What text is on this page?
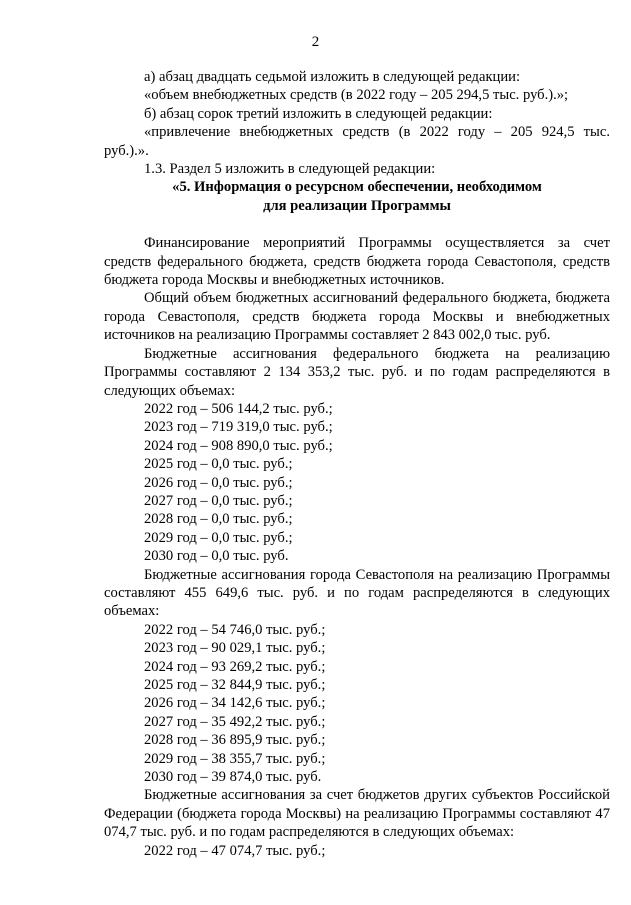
2

а) абзац двадцать седьмой изложить в следующей редакции:

«объем внебюджетных средств (в 2022 году – 205 294,5 тыс. руб.).»;

б) абзац сорок третий изложить в следующей редакции:

«привлечение внебюджетных средств (в 2022 году – 205 924,5 тыс.

руб.).».

1.3. Раздел 5 изложить в следующей редакции:

«5. Информация о ресурсном обеспечении, необходимом

для реализации Программы

Финансирование мероприятий Программы осуществляется за счет средств федерального бюджета, средств бюджета города Севастополя, средств бюджета города Москвы и внебюджетных источников.

Общий объем бюджетных ассигнований федерального бюджета, бюджета города Севастополя, средств бюджета города Москвы и внебюджетных источников на реализацию Программы составляет 2 843 002,0 тыс. руб.

Бюджетные ассигнования федерального бюджета на реализацию Программы составляют 2 134 353,2 тыс. руб. и по годам распределяются в следующих объемах:

2022 год – 506 144,2 тыс. руб.;
2023 год – 719 319,0 тыс. руб.;
2024 год – 908 890,0 тыс. руб.;
2025 год – 0,0 тыс. руб.;
2026 год – 0,0 тыс. руб.;
2027 год – 0,0 тыс. руб.;
2028 год – 0,0 тыс. руб.;
2029 год – 0,0 тыс. руб.;
2030 год – 0,0 тыс. руб.

Бюджетные ассигнования города Севастополя на реализацию Программы составляют 455 649,6 тыс. руб. и по годам распределяются в следующих объемах:

2022 год – 54 746,0 тыс. руб.;
2023 год – 90 029,1 тыс. руб.;
2024 год – 93 269,2 тыс. руб.;
2025 год – 32 844,9 тыс. руб.;
2026 год – 34 142,6 тыс. руб.;
2027 год – 35 492,2 тыс. руб.;
2028 год – 36 895,9 тыс. руб.;
2029 год – 38 355,7 тыс. руб.;
2030 год – 39 874,0 тыс. руб.

Бюджетные ассигнования за счет бюджетов других субъектов Российской Федерации (бюджета города Москвы) на реализацию Программы составляют 47 074,7 тыс. руб. и по годам распределяются в следующих объемах:

2022 год – 47 074,7 тыс. руб.;
